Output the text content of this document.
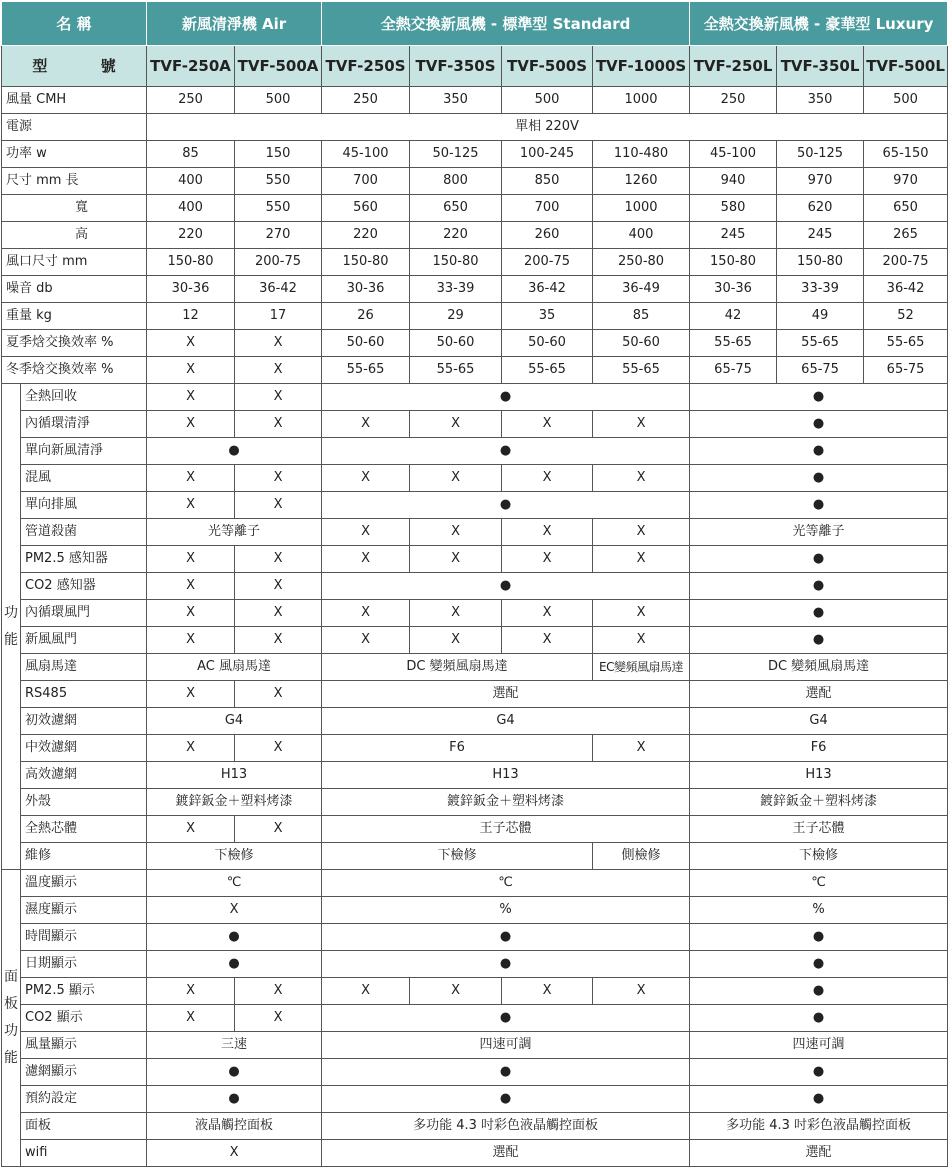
名 稱		新風清淨機 Air		全熱交換新風機 - 標準型 Standard				全熱交換新風機 - 豪華型 Luxury		
型 號		TVF-250A	TVF-500A	TVF-250S	TVF-350S	TVF-500S	TVF-1000S	TVF-250L	TVF-350L	TVF-500L
風量 CMH		250	500	250	350	500	1000	250	350	500
電源		單相 220V								
功率 w		85	150	45-100	50-125	100-245	110-480	45-100	50-125	65-150
尺寸 mm 長		400	550	700	800	850	1260	940	970	970
寬		400	550	560	650	700	1000	580	620	650
高		220	270	220	220	260	400	245	245	265
風口尺寸 mm		150-80	200-75	150-80	150-80	200-75	250-80	150-80	150-80	200-75
噪音 db		30-36	36-42	30-36	33-39	36-42	36-49	30-36	33-39	36-42
重量 kg		12	17	26	29	35	85	42	49	52
夏季焓交換效率 %		X	X	50-60	50-60	50-60	50-60	55-65	55-65	55-65
冬季焓交換效率 %		X	X	55-65	55-65	55-65	55-65	65-75	65-75	65-75
功能	全熱回收	X	X	●				●		
	內循環清淨	X	X	X	X	X	X	●		
	單向新風清淨	●		●				●		
	混風	X	X	X	X	X	X	●		
	單向排風	X	X	●				●		
	管道殺菌	光等離子		X	X	X	X	光等離子		
	PM2.5 感知器	X	X	X	X	X	X	●		
	CO2 感知器	X	X	●				●		
	內循環風門	X	X	X	X	X	X	●		
	新風風門	X	X	X	X	X	X	●		
	風扇馬達	AC 風扇馬達		DC 變頻風扇馬達			EC變頻風扇馬達	DC 變頻風扇馬達		
	RS485	X	X	選配				選配		
	初效濾網	G4		G4				G4		
	中效濾網	X	X	F6			X	F6		
	高效濾網	H13		H13				H13		
	外殼	鍍鋅鈑金＋塑料烤漆		鍍鋅鈑金＋塑料烤漆				鍍鋅鈑金＋塑料烤漆		
	全熱芯體	X	X	王子芯體				王子芯體		
	維修	下檢修		下檢修			側檢修	下檢修		
面板功能	溫度顯示	℃		℃				℃		
	濕度顯示	X		%				%		
	時間顯示	●		●				●		
	日期顯示	●		●				●		
	PM2.5 顯示	X	X	X	X	X	X	●		
	CO2 顯示	X	X	●				●		
	風量顯示	三速		四速可調				四速可調		
	濾網顯示	●		●				●		
	預約設定	●		●				●		
	面板	液晶觸控面板		多功能 4.3 吋彩色液晶觸控面板				多功能 4.3 吋彩色液晶觸控面板		
	wifi	X		選配				選配		
